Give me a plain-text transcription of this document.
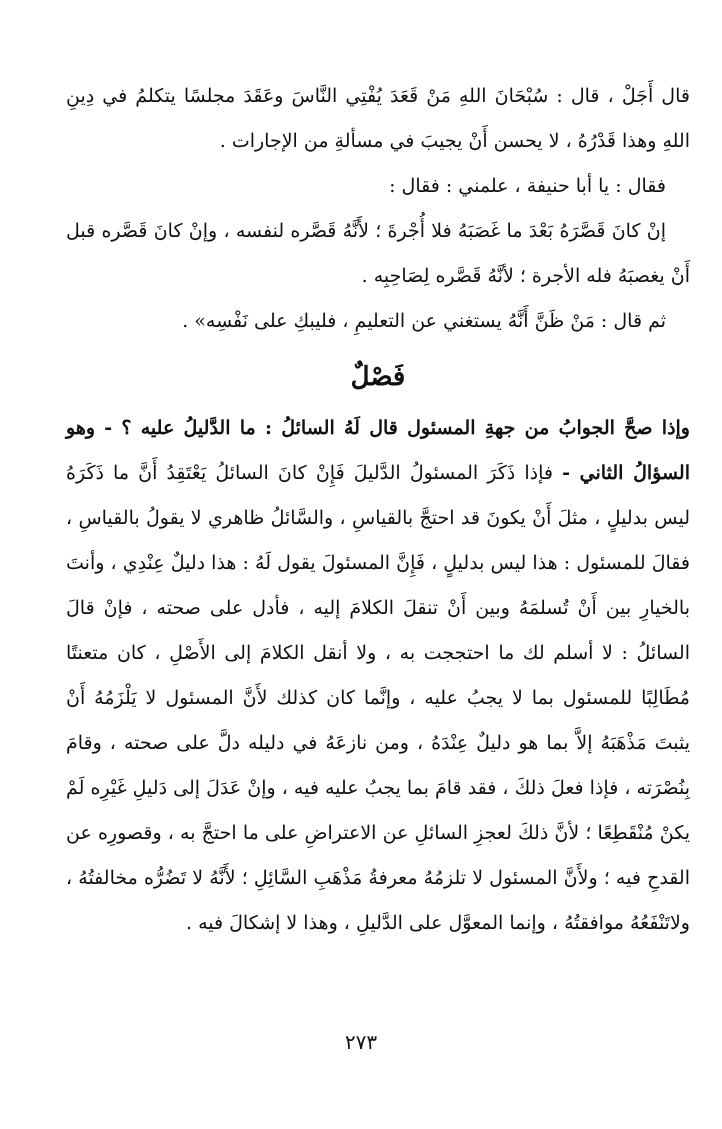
قال أَجَلْ ، قال : سُبْحَانَ اللهِ مَنْ قَعَدَ يُفْتِي النَّاسَ وعَقَدَ مجلسًا يتكلمُ في دِينِ اللهِ وهذا قَدْرُهُ ، لا يحسن أَنْ يجيبَ في مسألةِ من الإجارات .

فقال : يا أبا حنيفة ، علمني : فقال :

إنْ كانَ قَصَّرَهُ بَعْدَ ما غَصَبَهُ فلا أُجْرةَ ؛ لأَنَّهُ قَصَّره لنفسه ، وإنْ كانَ قَصَّره قبل أَنْ يغصبَهُ فله الأجرة ؛ لأنَّهُ قَصَّره لِصَاحِبِه .

ثم قال : مَنْ ظَنَّ أَنَّهُ يستغني عن التعليمِ ، فليبكِ على نَفْسِه» .

فَصْلٌ

وإذا صحَّ الجوابُ من جهةِ المسئول قال لَهُ السائلُ : ما الدَّليلُ عليه ؟ - وهو السؤالُ الثاني - فإذا ذَكَرَ المسئولُ الدَّليلَ فَإِنْ كانَ السائلُ يَعْتَقِدُ أَنَّ ما ذَكَرَهُ ليس بدليلٍ ، مثلَ أَنْ يكونَ قد احتجَّ بالقياسِ ، والسَّائلُ ظاهري لا يقولُ بالقياسِ ، فقالَ للمسئول : هذا ليس بدليلٍ ، فَإِنَّ المسئولَ يقول لَهُ : هذا دليلٌ عِنْدِي ، وأنتَ بالخيارِ بين أَنْ تُسلمَهُ وبين أَنْ تنقلَ الكلامَ إليه ، فأدل على صحته ، فإنْ قالَ السائلُ : لا أسلم لك ما احتججت به ، ولا أنقل الكلامَ إلى الأَصْلِ ، كان متعنتًا مُطَالِبًا للمسئول بما لا يجبُ عليه ، وإنَّما كان كذلك لأَنَّ المسئول لا يَلْزَمُهُ أَنْ يثبتَ مَذْهَبَهُ إلاَّ بما هو دليلٌ عِنْدَهُ ، ومن نازعَهُ في دليله دلَّ على صحته ، وقامَ بِنُصْرَته ، فإذا فعلَ ذلكَ ، فقد قامَ بما يجبُ عليه فيه ، وإنْ عَدَلَ إلى دَليلِ غَيْرِه لَمْ يكنْ مُنْقَطِعًا ؛ لأنَّ ذلكَ لعجزِ السائلِ عن الاعتراضِ على ما احتجَّ به ، وقصورِه عن القدحِ فيه ؛ ولأَنَّ المسئول لا تلزمُهُ معرفةُ مَذْهَبِ السَّائِلِ ؛ لأَنَّهُ لا تَضُرُّه مخالفتُهُ ، ولاتَنْفَعُهُ موافقتُهُ ، وإنما المعوَّل على الدَّليلِ ، وهذا لا إشكالَ فيه .

٢٧٣
